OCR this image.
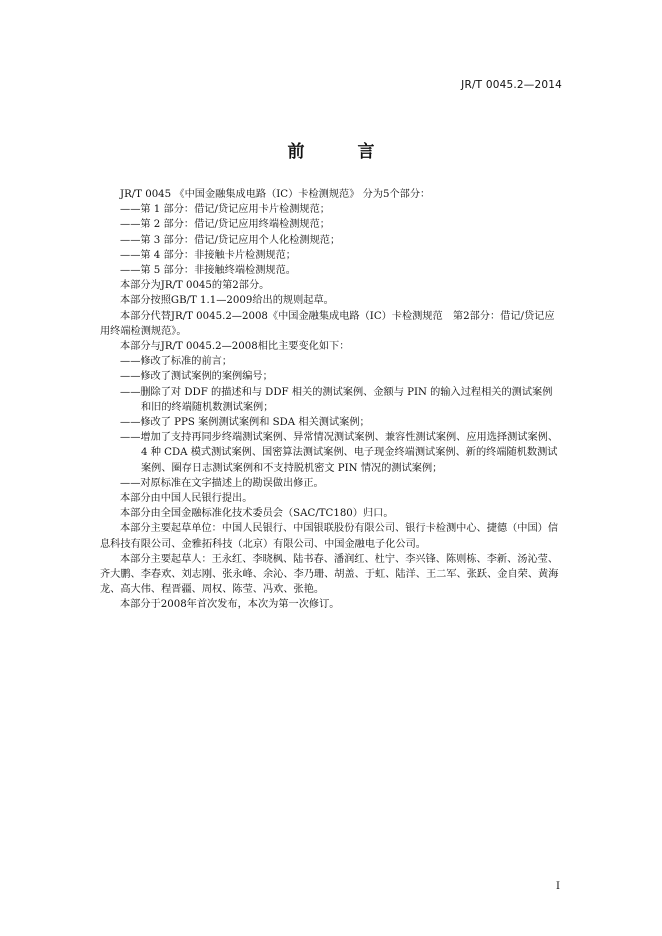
JR/T 0045.2—2014
前　言

JR/T 0045 《中国金融集成电路（IC）卡检测规范》 分为5个部分：

——第 1 部分：借记/贷记应用卡片检测规范；

——第 2 部分：借记/贷记应用终端检测规范；

——第 3 部分：借记/贷记应用个人化检测规范；

——第 4 部分：非接触卡片检测规范；

——第 5 部分：非接触终端检测规范。

本部分为JR/T 0045的第2部分。

本部分按照GB/T 1.1—2009给出的规则起草。

本部分代替JR/T 0045.2—2008《中国金融集成电路（IC）卡检测规范　第2部分：借记/贷记应用终端检测规范》。

本部分与JR/T 0045.2—2008相比主要变化如下：

——修改了标准的前言；

——修改了测试案例的案例编号；

——删除了对 DDF 的描述和与 DDF 相关的测试案例、金额与 PIN 的输入过程相关的测试案例和旧的终端随机数测试案例；

——修改了 PPS 案例测试案例和 SDA 相关测试案例；

——增加了支持再同步终端测试案例、异常情况测试案例、兼容性测试案例、应用选择测试案例、4 种 CDA 模式测试案例、国密算法测试案例、电子现金终端测试案例、新的终端随机数测试案例、圈存日志测试案例和不支持脱机密文 PIN 情况的测试案例；

——对原标准在文字描述上的勘误做出修正。

本部分由中国人民银行提出。

本部分由全国金融标准化技术委员会（SAC/TC180）归口。

本部分主要起草单位：中国人民银行、中国银联股份有限公司、银行卡检测中心、捷德（中国）信息科技有限公司、金雅拓科技（北京）有限公司、中国金融电子化公司。

本部分主要起草人：王永红、李晓枫、陆书春、潘润红、杜宁、李兴锋、陈则栋、李新、汤沁莹、齐大鹏、李春欢、刘志刚、张永峰、余沁、李乃珊、胡盖、于虹、陆洋、王二军、张跃、金自荣、黄海龙、高大伟、程晋疆、周权、陈莹、冯欢、张艳。

本部分于2008年首次发布，本次为第一次修订。

I
